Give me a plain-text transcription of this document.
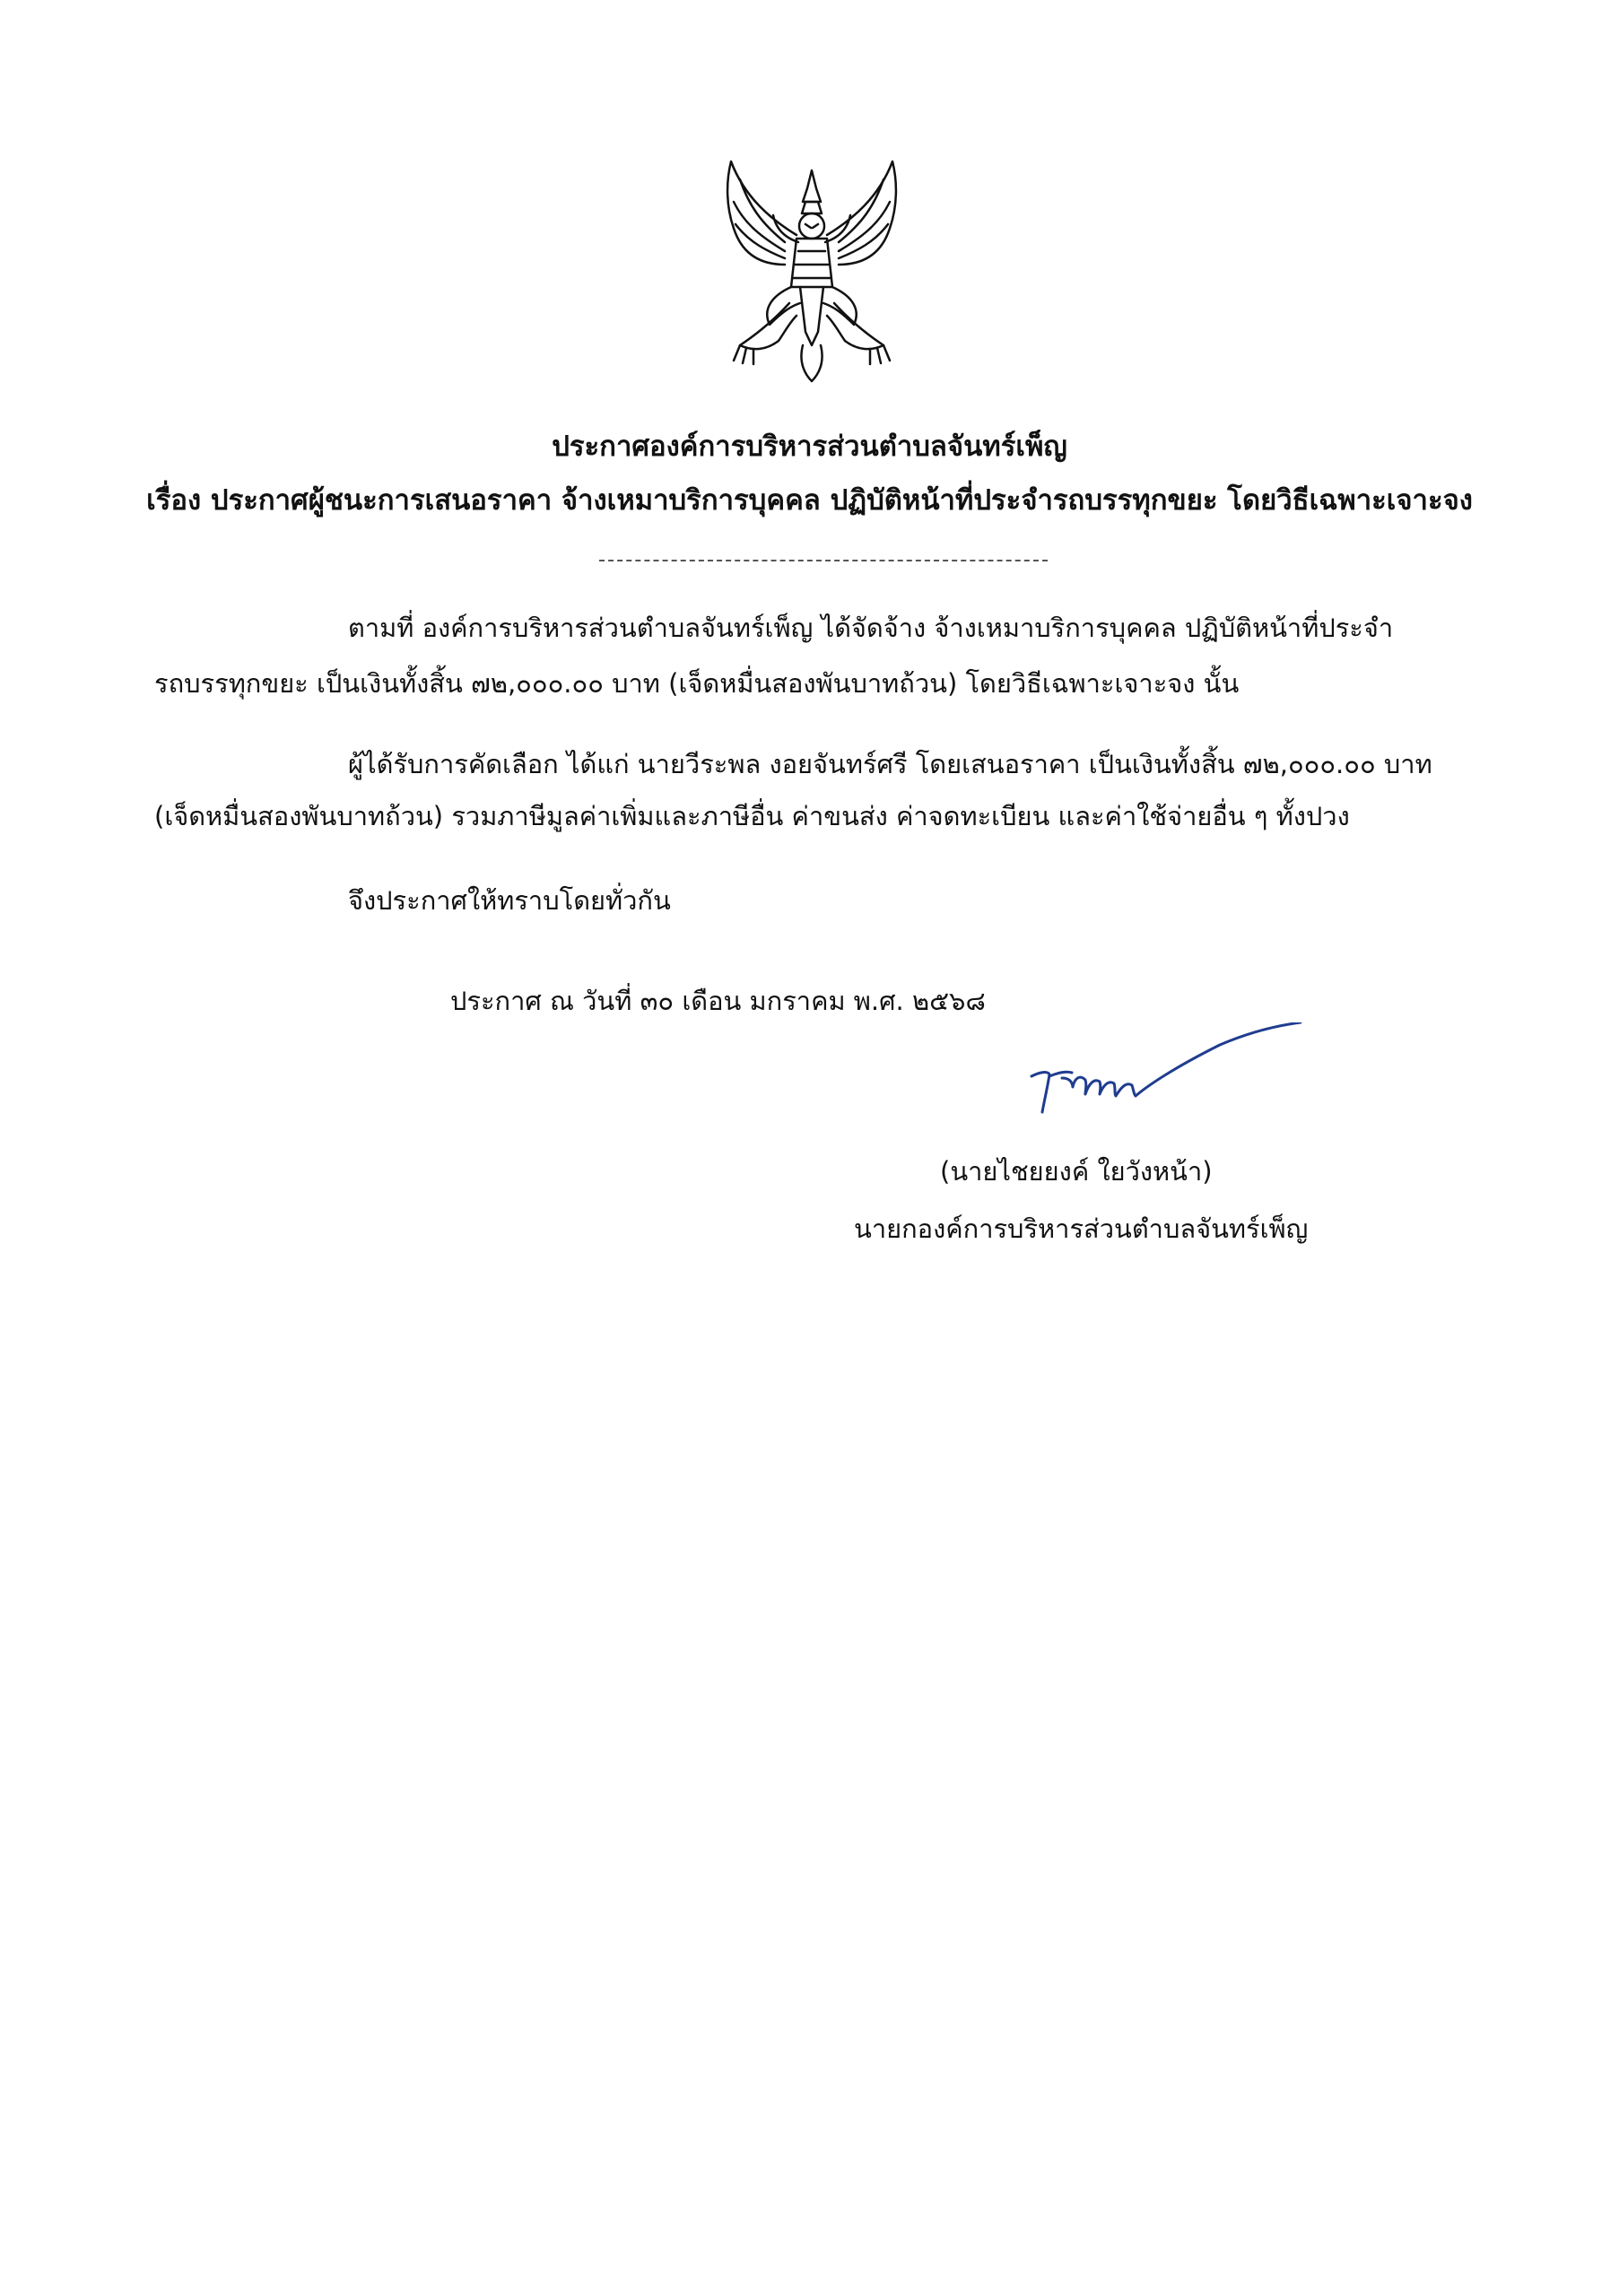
ประกาศองค์การบริหารส่วนตำบลจันทร์เพ็ญ
เรื่อง ประกาศผู้ชนะการเสนอราคา จ้างเหมาบริการบุคคล ปฏิบัติหน้าที่ประจำรถบรรทุกขยะ โดยวิธีเฉพาะเจาะจง
ตามที่ องค์การบริหารส่วนตำบลจันทร์เพ็ญ ได้จัดจ้าง จ้างเหมาบริการบุคคล ปฏิบัติหน้าที่ประจำ
รถบรรทุกขยะ เป็นเงินทั้งสิ้น ๗๒,๐๐๐.๐๐ บาท (เจ็ดหมื่นสองพันบาทถ้วน) โดยวิธีเฉพาะเจาะจง นั้น
ผู้ได้รับการคัดเลือก ได้แก่ นายวีระพล งอยจันทร์ศรี โดยเสนอราคา เป็นเงินทั้งสิ้น ๗๒,๐๐๐.๐๐ บาท
(เจ็ดหมื่นสองพันบาทถ้วน) รวมภาษีมูลค่าเพิ่มและภาษีอื่น ค่าขนส่ง ค่าจดทะเบียน และค่าใช้จ่ายอื่น ๆ ทั้งปวง
จึงประกาศให้ทราบโดยทั่วกัน
ประกาศ ณ วันที่ ๓๐ เดือน มกราคม พ.ศ. ๒๕๖๘
(นายไชยยงค์ ใยวังหน้า)
นายกองค์การบริหารส่วนตำบลจันทร์เพ็ญ
